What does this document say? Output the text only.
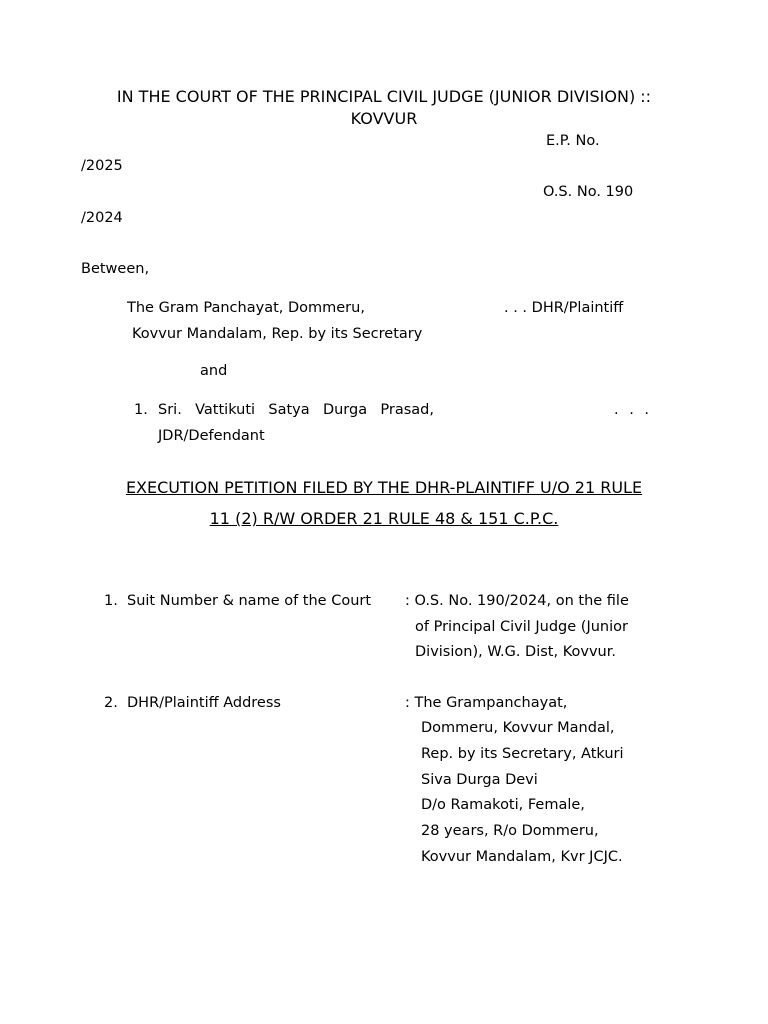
IN THE COURT OF THE PRINCIPAL CIVIL JUDGE (JUNIOR DIVISION) ::
KOVVUR
E.P. No.
/2025
O.S. No. 190
/2024
Between,
The Gram Panchayat, Dommeru,	. . . DHR/Plaintiff
Kovvur Mandalam, Rep. by its Secretary
and
1. Sri. Vattikuti Satya Durga Prasad,	. . .
JDR/Defendant
EXECUTION PETITION FILED BY THE DHR-PLAINTIFF U/O 21 RULE
11 (2) R/W ORDER 21 RULE 48 & 151 C.P.C.
1. Suit Number & name of the Court : O.S. No. 190/2024, on the file
of Principal Civil Judge (Junior
Division), W.G. Dist, Kovvur.
2. DHR/Plaintiff Address	: The Grampanchayat,
Dommeru, Kovvur Mandal,
Rep. by its Secretary, Atkuri
Siva Durga Devi
D/o Ramakoti, Female,
28 years, R/o Dommeru,
Kovvur Mandalam, Kvr JCJC.
